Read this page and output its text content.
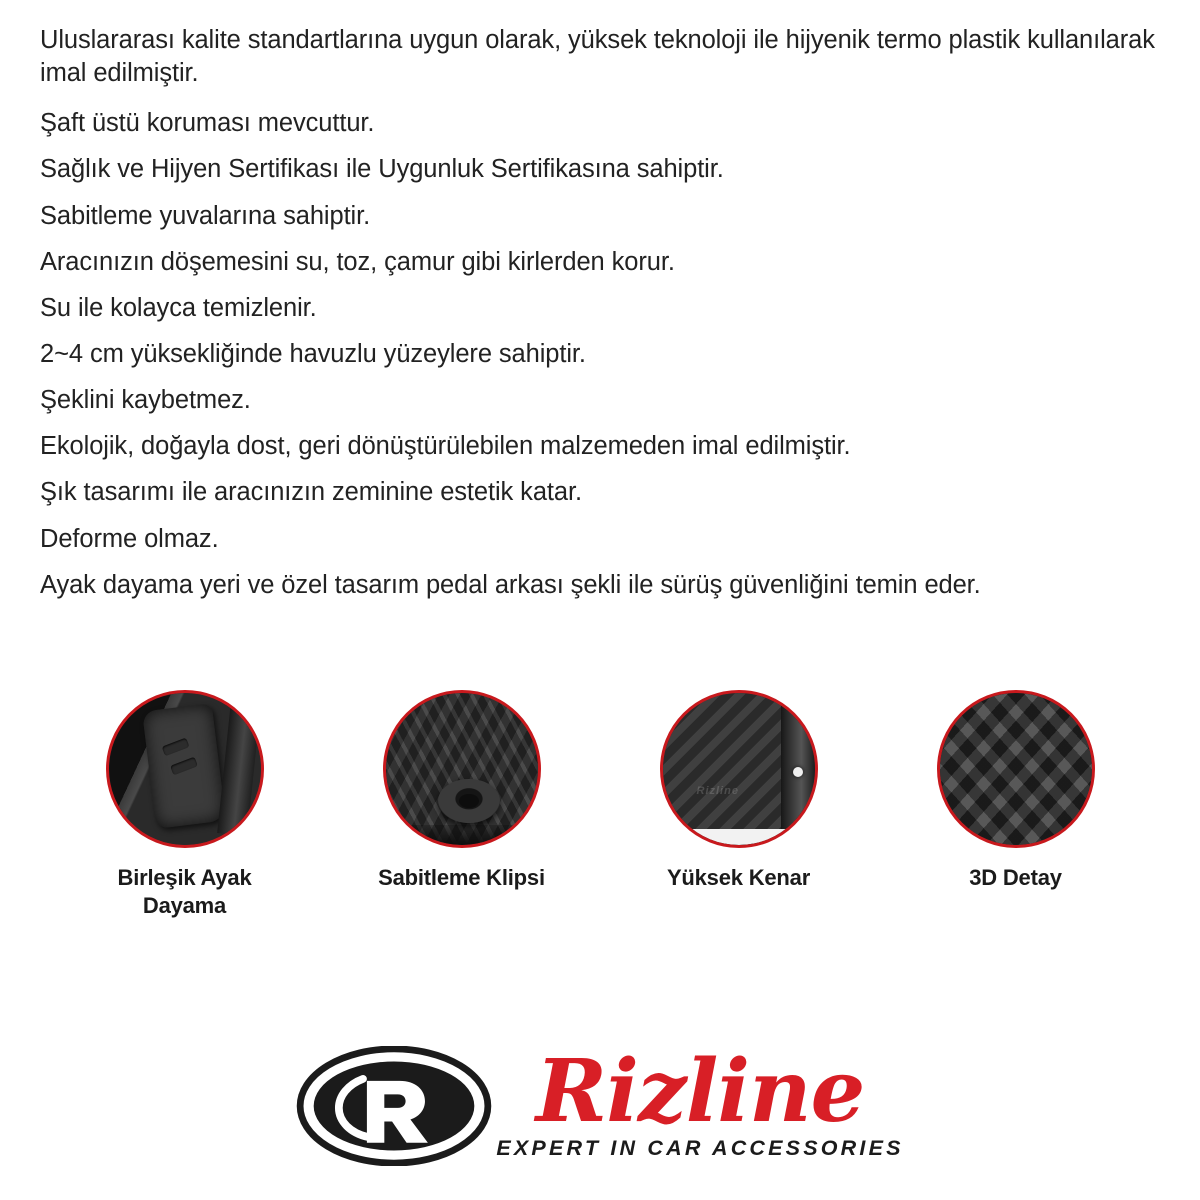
Uluslararası kalite standartlarına uygun olarak, yüksek teknoloji ile hijyenik termo plastik kullanılarak imal edilmiştir.

Şaft üstü koruması mevcuttur.

Sağlık ve Hijyen Sertifikası ile Uygunluk Sertifikasına sahiptir.

Sabitleme yuvalarına sahiptir.

Aracınızın döşemesini su, toz, çamur gibi kirlerden korur.

Su ile kolayca temizlenir.

2~4 cm yüksekliğinde havuzlu yüzeylere sahiptir.

Şeklini kaybetmez.

Ekolojik, doğayla dost, geri dönüştürülebilen malzemeden imal edilmiştir.

Şık tasarımı ile aracınızın zeminine estetik katar.

Deforme olmaz.

Ayak dayama yeri ve özel tasarım pedal arkası şekli ile sürüş güvenliğini temin eder.

Birleşik Ayak Dayama
Sabitleme Klipsi
Rizline
Yüksek Kenar	3D Detay
Rizline
EXPERT IN CAR ACCESSORIES
